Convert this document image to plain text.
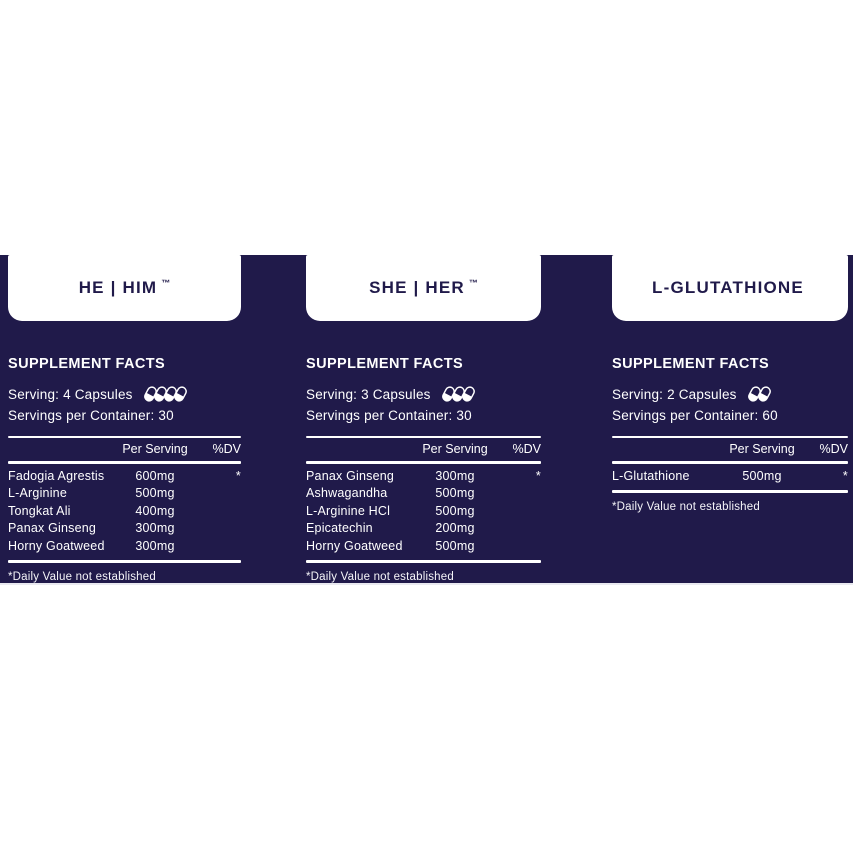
HE | HIM ™	SHE | HER ™	L-GLUTATHIONE
SUPPLEMENT FACTS
Serving: 4 Capsules
Servings per Container: 30
Per Serving	%DV
Fadogia Agrestis	600mg	*
L-Arginine	500mg
Tongkat Ali	400mg
Panax Ginseng	300mg
Horny Goatweed	300mg
*Daily Value not established
SUPPLEMENT FACTS
Serving: 3 Capsules
Servings per Container: 30
Per Serving	%DV
Panax Ginseng	300mg	*
Ashwagandha	500mg
L-Arginine HCl	500mg
Epicatechin	200mg
Horny Goatweed	500mg
*Daily Value not established
SUPPLEMENT FACTS
Serving: 2 Capsules
Servings per Container: 60
Per Serving	%DV
L-Glutathione	500mg	*
*Daily Value not established
